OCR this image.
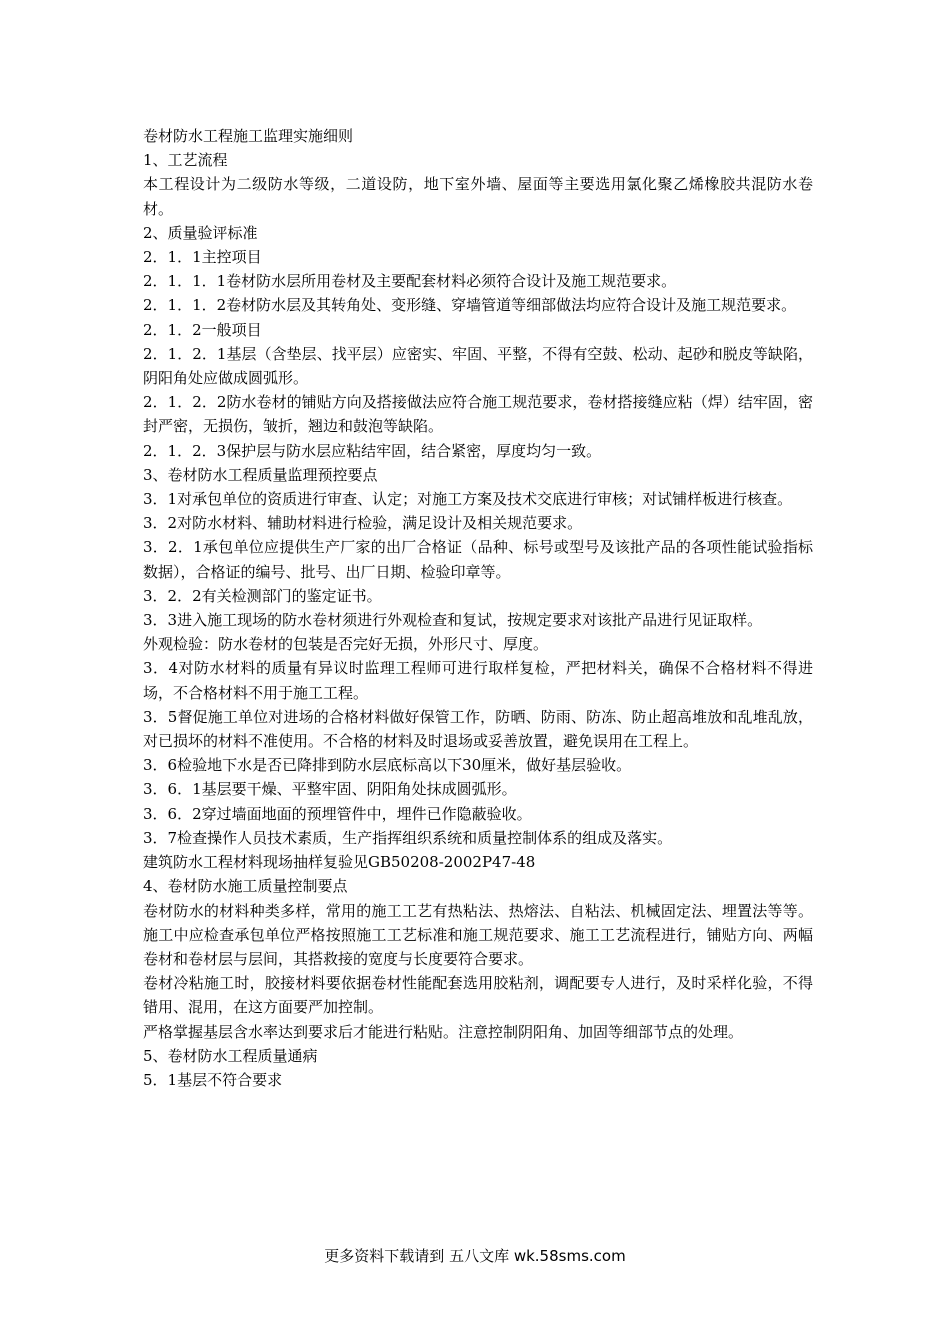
卷材防水工程施工监理实施细则

1、工艺流程

本工程设计为二级防水等级，二道设防，地下室外墙、屋面等主要选用氯化聚乙烯橡胶共混防水卷材。

2、质量验评标准

2．1．1主控项目

2．1．1．1卷材防水层所用卷材及主要配套材料必须符合设计及施工规范要求。

2．1．1．2卷材防水层及其转角处、变形缝、穿墙管道等细部做法均应符合设计及施工规范要求。

2．1．2一般项目

2．1．2．1基层（含垫层、找平层）应密实、牢固、平整，不得有空鼓、松动、起砂和脱皮等缺陷，阴阳角处应做成圆弧形。

2．1．2．2防水卷材的铺贴方向及搭接做法应符合施工规范要求，卷材搭接缝应粘（焊）结牢固，密封严密，无损伤，皱折，翘边和鼓泡等缺陷。

2．1．2．3保护层与防水层应粘结牢固，结合紧密，厚度均匀一致。

3、卷材防水工程质量监理预控要点

3．1对承包单位的资质进行审查、认定；对施工方案及技术交底进行审核；对试铺样板进行核查。

3．2对防水材料、辅助材料进行检验，满足设计及相关规范要求。

3．2．1承包单位应提供生产厂家的出厂合格证（品种、标号或型号及该批产品的各项性能试验指标数据），合格证的编号、批号、出厂日期、检验印章等。

3．2．2有关检测部门的鉴定证书。

3．3进入施工现场的防水卷材须进行外观检查和复试，按规定要求对该批产品进行见证取样。

外观检验：防水卷材的包装是否完好无损，外形尺寸、厚度。

3．4对防水材料的质量有异议时监理工程师可进行取样复检，严把材料关，确保不合格材料不得进场，不合格材料不用于施工工程。

3．5督促施工单位对进场的合格材料做好保管工作，防晒、防雨、防冻、防止超高堆放和乱堆乱放，对已损坏的材料不准使用。不合格的材料及时退场或妥善放置，避免误用在工程上。

3．6检验地下水是否已降排到防水层底标高以下30厘米，做好基层验收。

3．6．1基层要干燥、平整牢固、阴阳角处抹成圆弧形。

3．6．2穿过墙面地面的预埋管件中，埋件已作隐蔽验收。

3．7检查操作人员技术素质，生产指挥组织系统和质量控制体系的组成及落实。

建筑防水工程材料现场抽样复验见GB50208-2002P47-48

4、卷材防水施工质量控制要点

卷材防水的材料种类多样，常用的施工工艺有热粘法、热熔法、自粘法、机械固定法、埋置法等等。施工中应检查承包单位严格按照施工工艺标准和施工规范要求、施工工艺流程进行，铺贴方向、两幅卷材和卷材层与层间，其搭救接的宽度与长度要符合要求。

卷材冷粘施工时，胶接材料要依据卷材性能配套选用胶粘剂，调配要专人进行，及时采样化验，不得错用、混用，在这方面要严加控制。

严格掌握基层含水率达到要求后才能进行粘贴。注意控制阴阳角、加固等细部节点的处理。

5、卷材防水工程质量通病

5．1基层不符合要求

更多资料下载请到 五八文库 wk.58sms.com
